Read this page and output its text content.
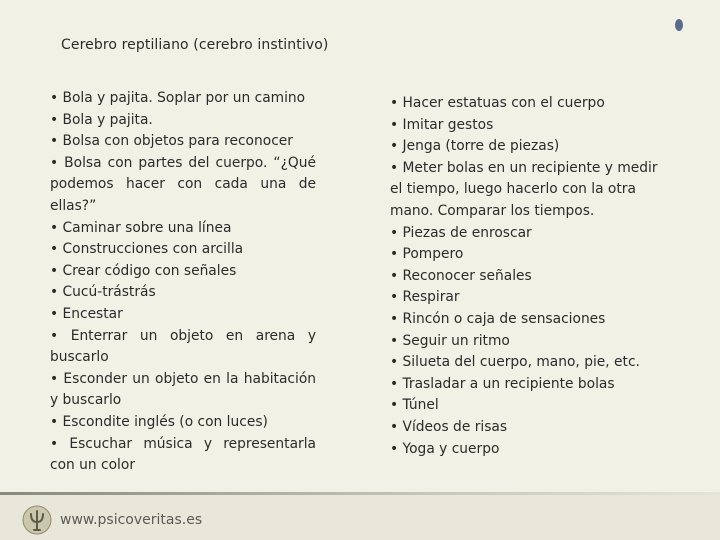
Cerebro reptiliano (cerebro instintivo)
• Bola y pajita. Soplar por un camino
• Bola y pajita.
• Bolsa con objetos para reconocer
• Bolsa con partes del cuerpo. “¿Qué podemos hacer con cada una de ellas?”
• Caminar sobre una línea
• Construcciones con arcilla
• Crear código con señales
• Cucú-trástrás
• Encestar
• Enterrar un objeto en arena y buscarlo
• Esconder un objeto en la habitación y buscarlo
• Escondite inglés (o con luces)
• Escuchar música y representarla con un color
• Hacer estatuas con el cuerpo
• Imitar gestos
• Jenga (torre de piezas)
• Meter bolas en un recipiente y medir el tiempo, luego hacerlo con la otra mano. Comparar los tiempos.
• Piezas de enroscar
• Pompero
• Reconocer señales
• Respirar
• Rincón o caja de sensaciones
• Seguir un ritmo
• Silueta del cuerpo, mano, pie, etc.
• Trasladar a un recipiente bolas
• Túnel
• Vídeos de risas
• Yoga y cuerpo
www.psicoveritas.es
